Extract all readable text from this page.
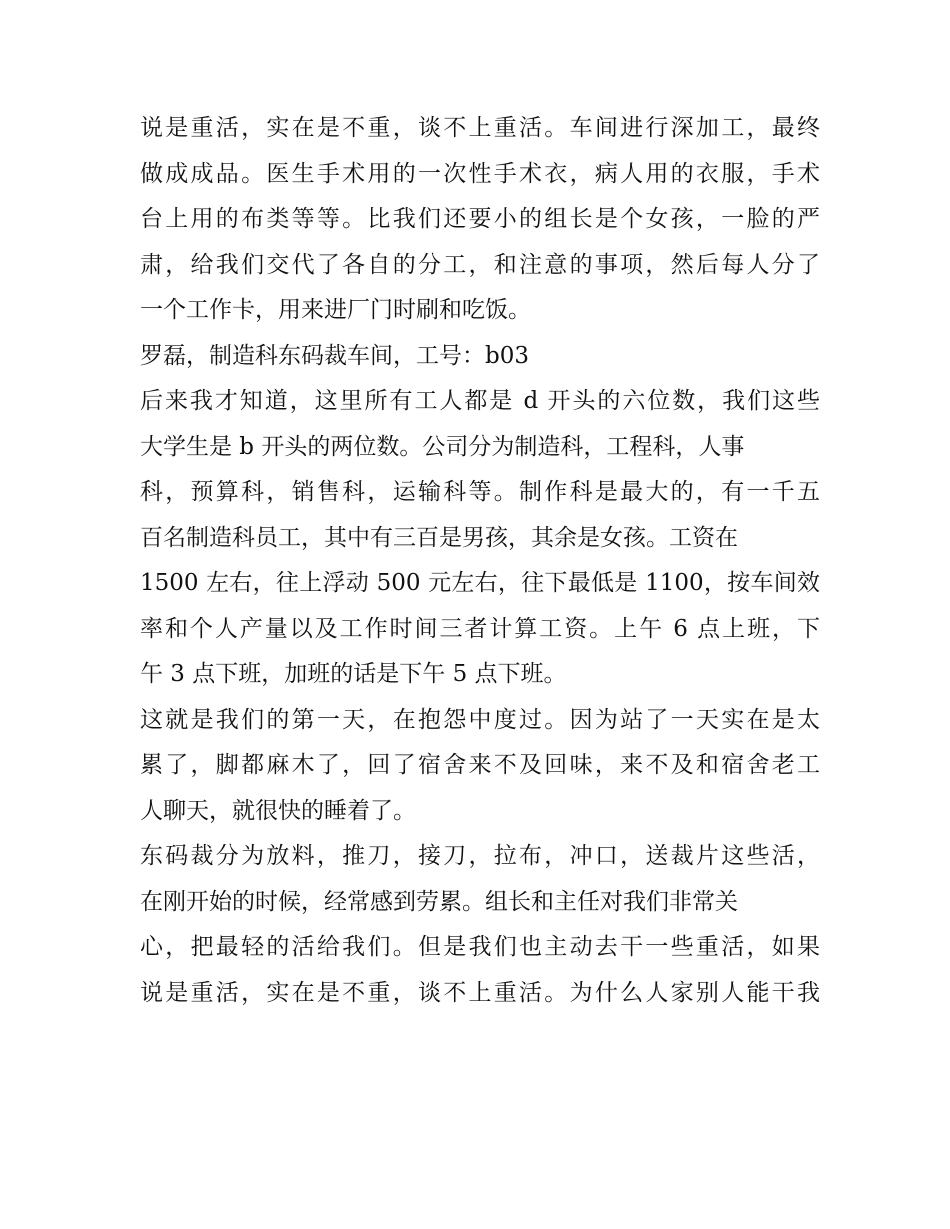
说是重活，实在是不重，谈不上重活。车间进行深加工，最终
做成成品。医生手术用的一次性手术衣，病人用的衣服，手术
台上用的布类等等。比我们还要小的组长是个女孩，一脸的严
肃，给我们交代了各自的分工，和注意的事项，然后每人分了
一个工作卡，用来进厂门时刷和吃饭。
罗磊，制造科东码裁车间，工号：b03
后来我才知道，这里所有工人都是 d 开头的六位数，我们这些
大学生是 b 开头的两位数。公司分为制造科，工程科，人事
科，预算科，销售科，运输科等。制作科是最大的，有一千五
百名制造科员工，其中有三百是男孩，其余是女孩。工资在
1500 左右，往上浮动 500 元左右，往下最低是 1100，按车间效
率和个人产量以及工作时间三者计算工资。上午 6 点上班，下
午 3 点下班，加班的话是下午 5 点下班。
这就是我们的第一天，在抱怨中度过。因为站了一天实在是太
累了，脚都麻木了，回了宿舍来不及回味，来不及和宿舍老工
人聊天，就很快的睡着了。
东码裁分为放料，推刀，接刀，拉布，冲口，送裁片这些活，
在刚开始的时候，经常感到劳累。组长和主任对我们非常关
心，把最轻的活给我们。但是我们也主动去干一些重活，如果
说是重活，实在是不重，谈不上重活。为什么人家别人能干我
